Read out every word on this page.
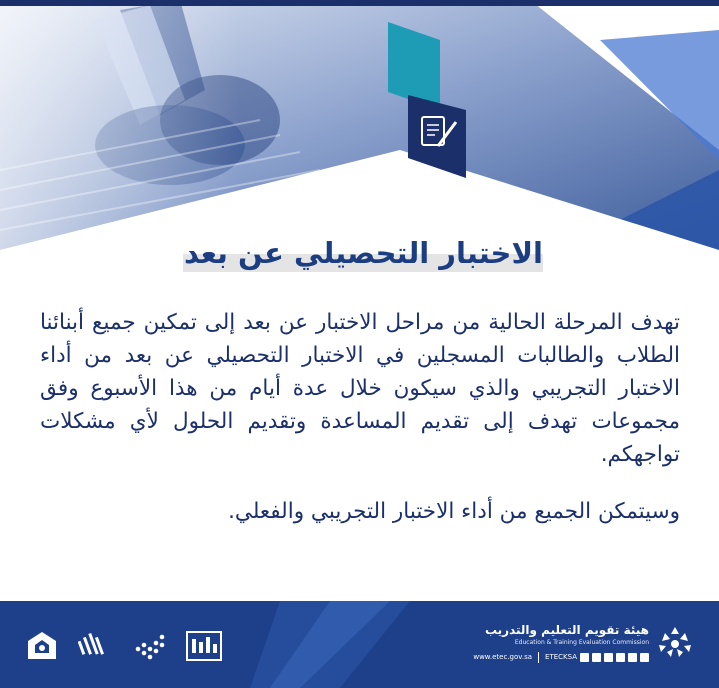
الاختبار التحصيلي عن بعد

تهدف المرحلة الحالية من مراحل الاختبار عن بعد إلى تمكين جميع أبنائنا الطلاب والطالبات المسجلين في الاختبار التحصيلي عن بعد من أداء الاختبار التجريبي والذي سيكون خلال عدة أيام من هذا الأسبوع وفق مجموعات تهدف إلى تقديم المساعدة وتقديم الحلول لأي مشكلات تواجهكم.

وسيتمكن الجميع من أداء الاختبار التجريبي والفعلي.

هيئة تقويم التعليم والتدريب
Education & Training Evaluation Commission
www.etec.gov.sa ETECKSA
